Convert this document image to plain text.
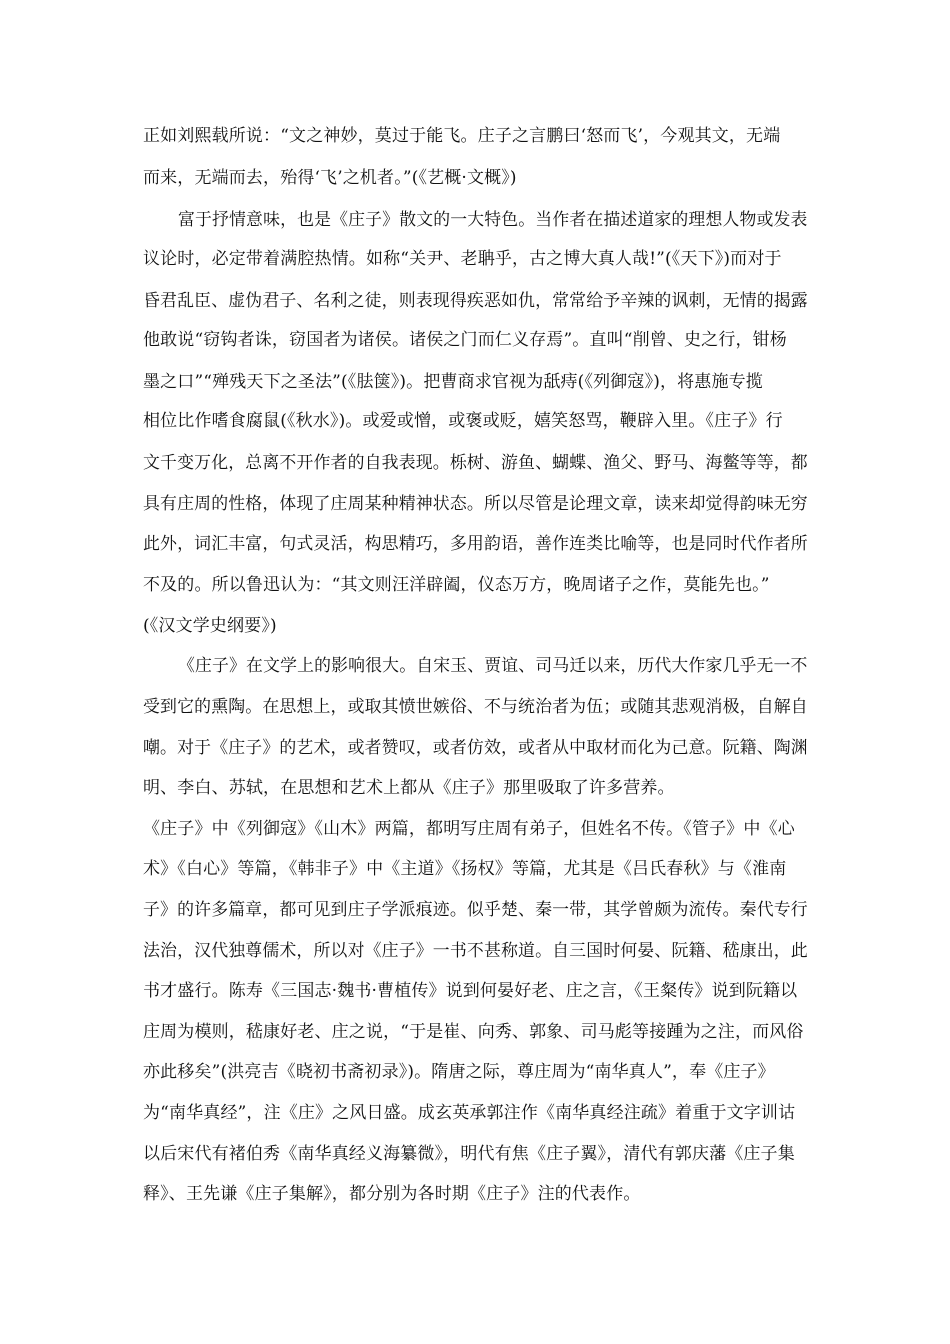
正如刘熙载所说：“文之神妙，莫过于能飞。庄子之言鹏曰‘怒而飞’，今观其文，无端
而来，无端而去，殆得‘飞’之机者。”(《艺概·文概》)
富于抒情意味，也是《庄子》散文的一大特色。当作者在描述道家的理想人物或发表
议论时，必定带着满腔热情。如称“关尹、老聃乎，古之博大真人哉!”(《天下》)而对于
昏君乱臣、虚伪君子、名利之徒，则表现得疾恶如仇，常常给予辛辣的讽刺，无情的揭露
他敢说“窃钩者诛，窃国者为诸侯。诸侯之门而仁义存焉”。直叫“削曾、史之行，钳杨
墨之口”“殚残天下之圣法”(《胠箧》)。把曹商求官视为舐痔(《列御寇》)，将惠施专揽
相位比作嗜食腐鼠(《秋水》)。或爱或憎，或褒或贬，嬉笑怒骂，鞭辟入里。《庄子》行
文千变万化，总离不开作者的自我表现。栎树、游鱼、蝴蝶、渔父、野马、海鳖等等，都
具有庄周的性格，体现了庄周某种精神状态。所以尽管是论理文章，读来却觉得韵味无穷
此外，词汇丰富，句式灵活，构思精巧，多用韵语，善作连类比喻等，也是同时代作者所
不及的。所以鲁迅认为：“其文则汪洋辟阖，仪态万方，晚周诸子之作，莫能先也。”
(《汉文学史纲要》)
《庄子》在文学上的影响很大。自宋玉、贾谊、司马迁以来，历代大作家几乎无一不
受到它的熏陶。在思想上，或取其愤世嫉俗、不与统治者为伍；或随其悲观消极，自解自
嘲。对于《庄子》的艺术，或者赞叹，或者仿效，或者从中取材而化为己意。阮籍、陶渊
明、李白、苏轼，在思想和艺术上都从《庄子》那里吸取了许多营养。
《庄子》中《列御寇》《山木》两篇，都明写庄周有弟子，但姓名不传。《管子》中《心
术》《白心》等篇，《韩非子》中《主道》《扬权》等篇，尤其是《吕氏春秋》与《淮南
子》的许多篇章，都可见到庄子学派痕迹。似乎楚、秦一带，其学曾颇为流传。秦代专行
法治，汉代独尊儒术，所以对《庄子》一书不甚称道。自三国时何晏、阮籍、嵇康出，此
书才盛行。陈寿《三国志·魏书·曹植传》说到何晏好老、庄之言，《王粲传》说到阮籍以
庄周为模则，嵇康好老、庄之说，“于是崔、向秀、郭象、司马彪等接踵为之注，而风俗
亦此移矣”(洪亮吉《晓初书斋初录》)。隋唐之际，尊庄周为“南华真人”，奉《庄子》
为“南华真经”，注《庄》之风日盛。成玄英承郭注作《南华真经注疏》着重于文字训诂
以后宋代有褚伯秀《南华真经义海纂微》，明代有焦《庄子翼》，清代有郭庆藩《庄子集
释》、王先谦《庄子集解》，都分别为各时期《庄子》注的代表作。
